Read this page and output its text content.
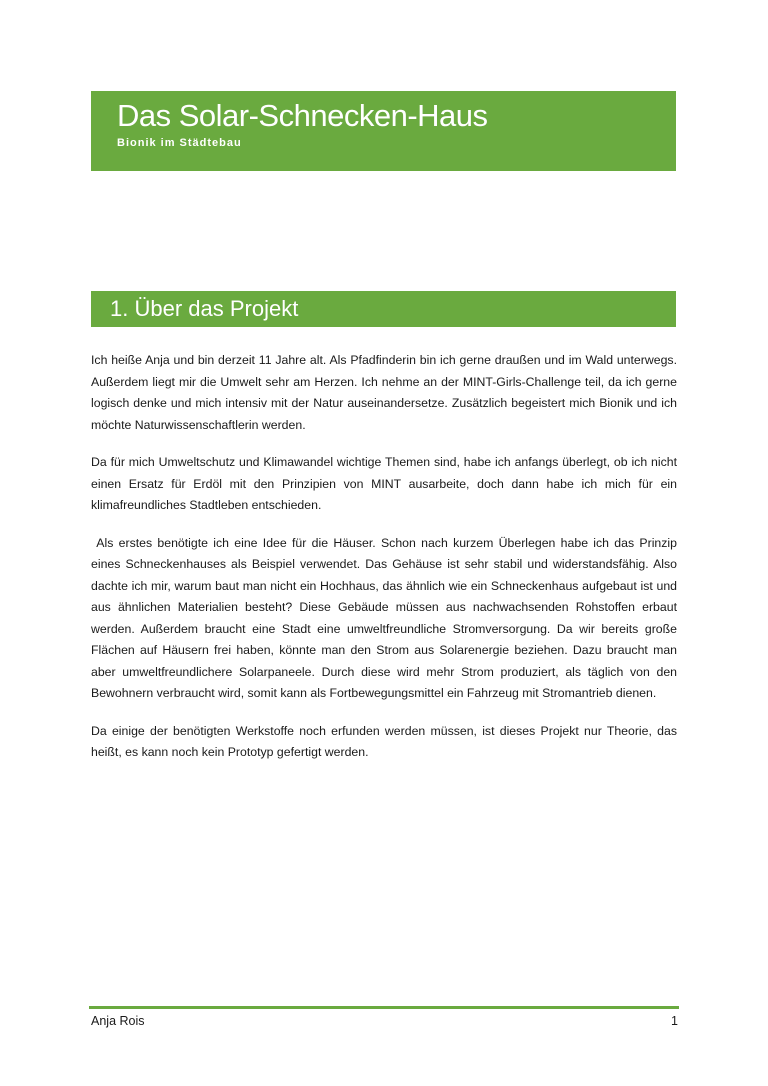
Das Solar-Schnecken-Haus
Bionik im Städtebau
1. Über das Projekt

Ich heiße Anja und bin derzeit 11 Jahre alt. Als Pfadfinderin bin ich gerne draußen und im Wald unterwegs. Außerdem liegt mir die Umwelt sehr am Herzen. Ich nehme an der MINT-Girls-Challenge teil, da ich gerne logisch denke und mich intensiv mit der Natur auseinandersetze. Zusätzlich begeistert mich Bionik und ich möchte Naturwissenschaftlerin werden.

Da für mich Umweltschutz und Klimawandel wichtige Themen sind, habe ich anfangs überlegt, ob ich nicht einen Ersatz für Erdöl mit den Prinzipien von MINT ausarbeite, doch dann habe ich mich für ein klimafreundliches Stadtleben entschieden.

Als erstes benötigte ich eine Idee für die Häuser. Schon nach kurzem Überlegen habe ich das Prinzip eines Schneckenhauses als Beispiel verwendet. Das Gehäuse ist sehr stabil und widerstandsfähig. Also dachte ich mir, warum baut man nicht ein Hochhaus, das ähnlich wie ein Schneckenhaus aufgebaut ist und aus ähnlichen Materialien besteht? Diese Gebäude müssen aus nachwachsenden Rohstoffen erbaut werden. Außerdem braucht eine Stadt eine umweltfreundliche Stromversorgung. Da wir bereits große Flächen auf Häusern frei haben, könnte man den Strom aus Solarenergie beziehen. Dazu braucht man aber umweltfreundlichere Solarpaneele. Durch diese wird mehr Strom produziert, als täglich von den Bewohnern verbraucht wird, somit kann als Fortbewegungsmittel ein Fahrzeug mit Stromantrieb dienen.

Da einige der benötigten Werkstoffe noch erfunden werden müssen, ist dieses Projekt nur Theorie, das heißt, es kann noch kein Prototyp gefertigt werden.

Anja Rois	1
